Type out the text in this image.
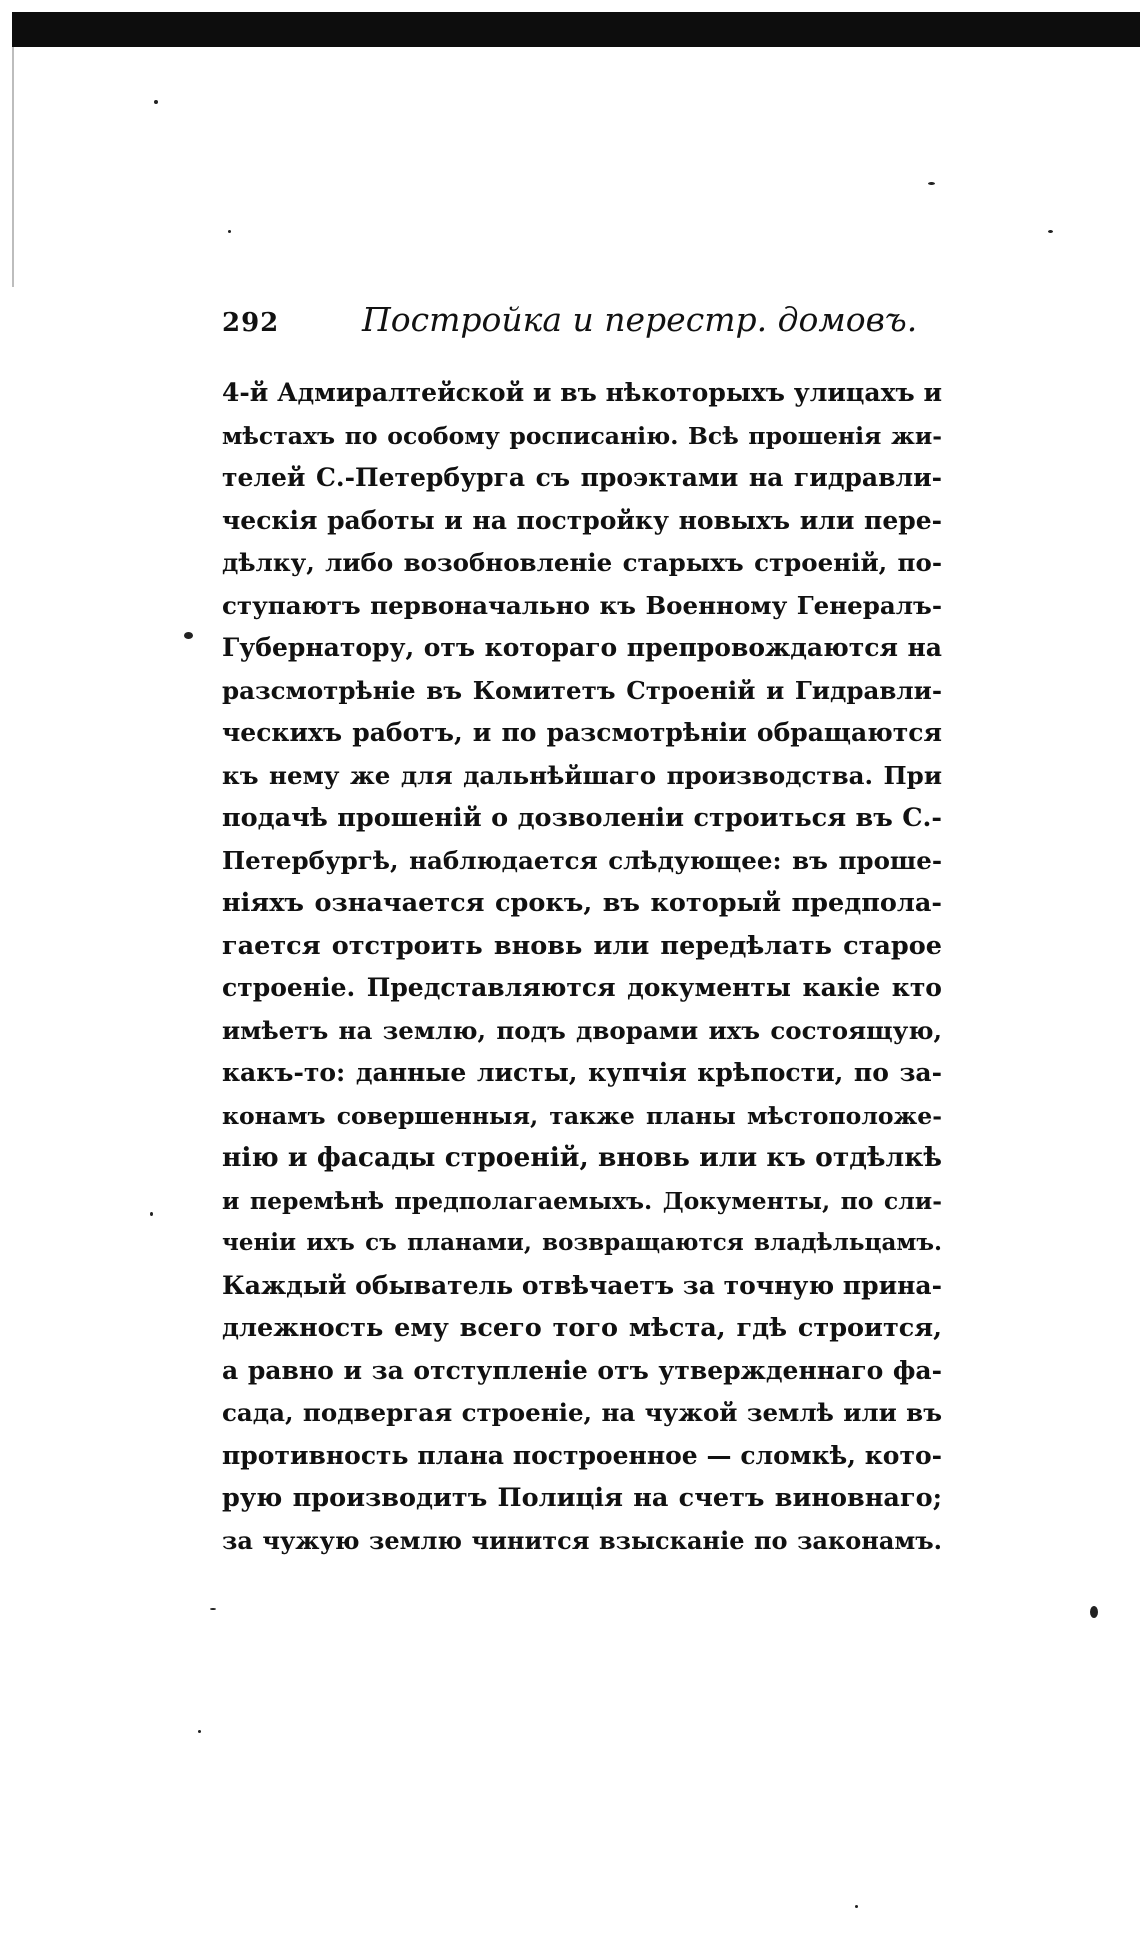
292	Постройка и перестр. домовъ.
4-й Адмиралтейской и въ нѣкоторыхъ улицахъ и
мѣстахъ по особому росписанію. Всѣ прошенія жи-
телей С.-Петербурга съ проэктами на гидравли-
ческія работы и на постройку новыхъ или пере-
дѣлку, либо возобновленіе старыхъ строеній, по-
ступаютъ первоначально къ Военному Генералъ-
Губернатору, отъ котораго препровождаются на
разсмотрѣніе въ Комитетъ Строеній и Гидравли-
ческихъ работъ, и по разсмотрѣніи обращаются
къ нему же для дальнѣйшаго производства. При
подачѣ прошеній о дозволеніи строиться въ С.-
Петербургѣ, наблюдается слѣдующее: въ проше-
ніяхъ означается срокъ, въ который предпола-
гается отстроить вновь или передѣлать старое
строеніе. Представляются документы какіе кто
имѣетъ на землю, подъ дворами ихъ состоящую,
какъ-то: данные листы, купчія крѣпости, по за-
конамъ совершенныя, также планы мѣстоположе-
нію и фасады строеній, вновь или къ отдѣлкѣ
и перемѣнѣ предполагаемыхъ. Документы, по сли-
ченіи ихъ съ планами, возвращаются владѣльцамъ.
Каждый обыватель отвѣчаетъ за точную прина-
длежность ему всего того мѣста, гдѣ строится,
а равно и за отступленіе отъ утвержденнаго фа-
сада, подвергая строеніе, на чужой землѣ или въ
противность плана построенное — сломкѣ, кото-
рую производитъ Полиція на счетъ виновнаго;
за чужую землю чинится взысканіе по законамъ.
